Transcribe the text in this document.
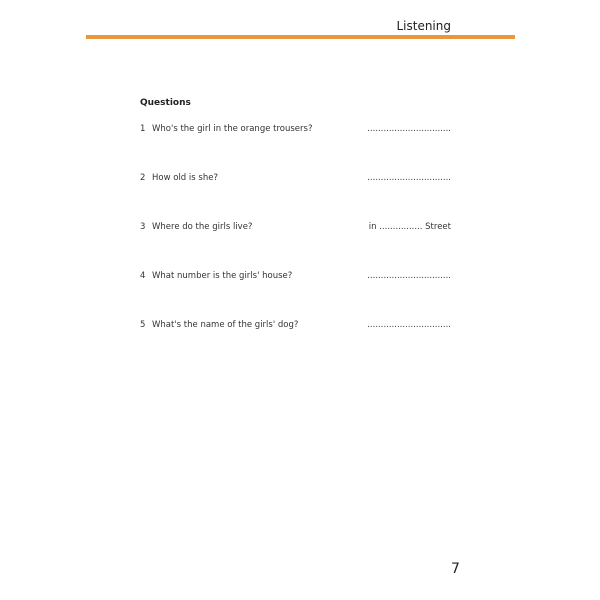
Listening
Questions
1 Who's the girl in the orange trousers?	...............................
2 How old is she?	...............................
3 Where do the girls live?	in ................ Street
4 What number is the girls' house?	...............................
5 What's the name of the girls' dog?	...............................
7
